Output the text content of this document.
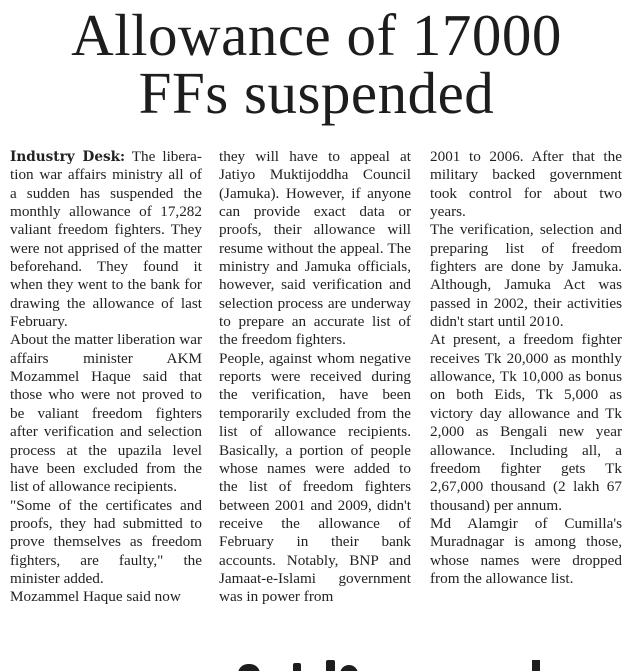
Allowance of 17000
FFs suspended

Industry Desk: The liberation war affairs ministry all of a sudden has suspended the monthly allowance of 17,282 valiant freedom fighters. They were not apprised of the matter beforehand. They found it when they went to the bank for drawing the allowance of last February.

About the matter liberation war affairs minister AKM Mozammel Haque said that those who were not proved to be valiant freedom fighters after verification and selection process at the upazila level have been excluded from the list of allowance recipients.

"Some of the certificates and proofs, they had submitted to prove themselves as freedom fighters, are faulty," the minister added.

Mozammel Haque said now

they will have to appeal at Jatiyo Muktijoddha Council (Jamuka). However, if anyone can provide exact data or proofs, their allowance will resume without the appeal. The ministry and Jamuka officials, however, said verification and selection process are underway to prepare an accurate list of the freedom fighters.

People, against whom negative reports were received during the verification, have been temporarily excluded from the list of allowance recipients. Basically, a portion of people whose names were added to the list of freedom fighters between 2001 and 2009, didn't receive the allowance of February in their bank accounts. Notably, BNP and Jamaat-e-Islami government was in power from

2001 to 2006. After that the military backed government took control for about two years.

The verification, selection and preparing list of freedom fighters are done by Jamuka. Although, Jamuka Act was passed in 2002, their activities didn't start until 2010.

At present, a freedom fighter receives Tk 20,000 as monthly allowance, Tk 10,000 as bonus on both Eids, Tk 5,000 as victory day allowance and Tk 2,000 as Bengali new year allowance. Including all, a freedom fighter gets Tk 2,67,000 thousand (2 lakh 67 thousand) per annum.

Md Alamgir of Cumilla's Muradnagar is among those, whose names were dropped from the allowance list.
